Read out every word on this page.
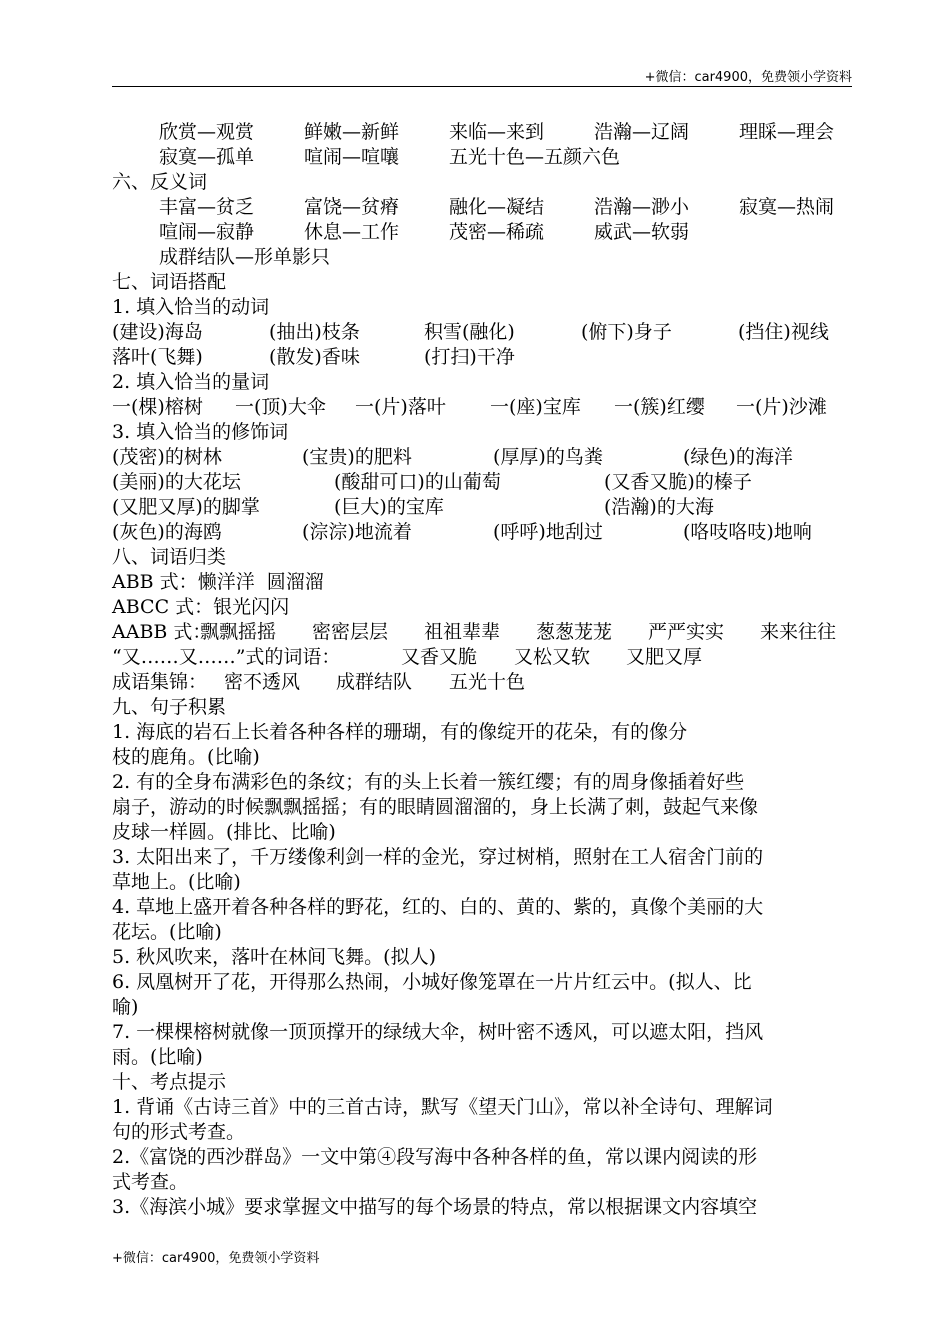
+微信：car4900，免费领小学资料
欣赏—观赏	鲜嫩—新鲜	来临—来到	浩瀚—辽阔	理睬—理会
寂寞—孤单	喧闹—喧嚷	五光十色—五颜六色
六、反义词
丰富—贫乏	富饶—贫瘠	融化—凝结	浩瀚—渺小	寂寞—热闹
喧闹—寂静	休息—工作	茂密—稀疏	威武—软弱
成群结队—形单影只
七、词语搭配
1. 填入恰当的动词
(建设)海岛	(抽出)枝条	积雪(融化)	(俯下)身子	(挡住)视线
落叶(飞舞)	(散发)香味	(打扫)干净
2. 填入恰当的量词
一(棵)榕树 一(顶)大伞 一(片)落叶 一(座)宝库 一(簇)红缨 一(片)沙滩
3. 填入恰当的修饰词
(茂密)的树林	(宝贵)的肥料	(厚厚)的鸟粪	(绿色)的海洋
(美丽)的大花坛	(酸甜可口)的山葡萄	(又香又脆)的榛子
(又肥又厚)的脚掌	(巨大)的宝库	(浩瀚)的大海
(灰色)的海鸥	(淙淙)地流着	(呼呼)地刮过	(咯吱咯吱)地响
八、词语归类
ABB 式：懒洋洋  圆溜溜
ABCC 式：银光闪闪
AABB 式：
飘飘摇摇 密密层层 祖祖辈辈 葱葱茏茏 严严实实 来来往往
“又……又……”式的词语：	又香又脆 又松又软 又肥又厚
成语集锦： 密不透风 成群结队 五光十色
九、句子积累
1. 海底的岩石上长着各种各样的珊瑚，有的像绽开的花朵，有的像分
枝的鹿角。(比喻)
2. 有的全身布满彩色的条纹；有的头上长着一簇红缨；有的周身像插着好些
扇子，游动的时候飘飘摇摇；有的眼睛圆溜溜的，身上长满了刺，鼓起气来像
皮球一样圆。(排比、比喻)
3. 太阳出来了，千万缕像利剑一样的金光，穿过树梢，照射在工人宿舍门前的
草地上。(比喻)
4. 草地上盛开着各种各样的野花，红的、白的、黄的、紫的，真像个美丽的大
花坛。(比喻)
5. 秋风吹来，落叶在林间飞舞。(拟人)
6. 凤凰树开了花，开得那么热闹，小城好像笼罩在一片片红云中。(拟人、比
喻)
7. 一棵棵榕树就像一顶顶撑开的绿绒大伞，树叶密不透风，可以遮太阳，挡风
雨。(比喻)
十、考点提示
1. 背诵《古诗三首》中的三首古诗，默写《望天门山》，常以补全诗句、理解词
句的形式考查。
2.《富饶的西沙群岛》一文中第④段写海中各种各样的鱼，常以课内阅读的形
式考查。
3.《海滨小城》要求掌握文中描写的每个场景的特点，常以根据课文内容填空
+微信：car4900，免费领小学资料
